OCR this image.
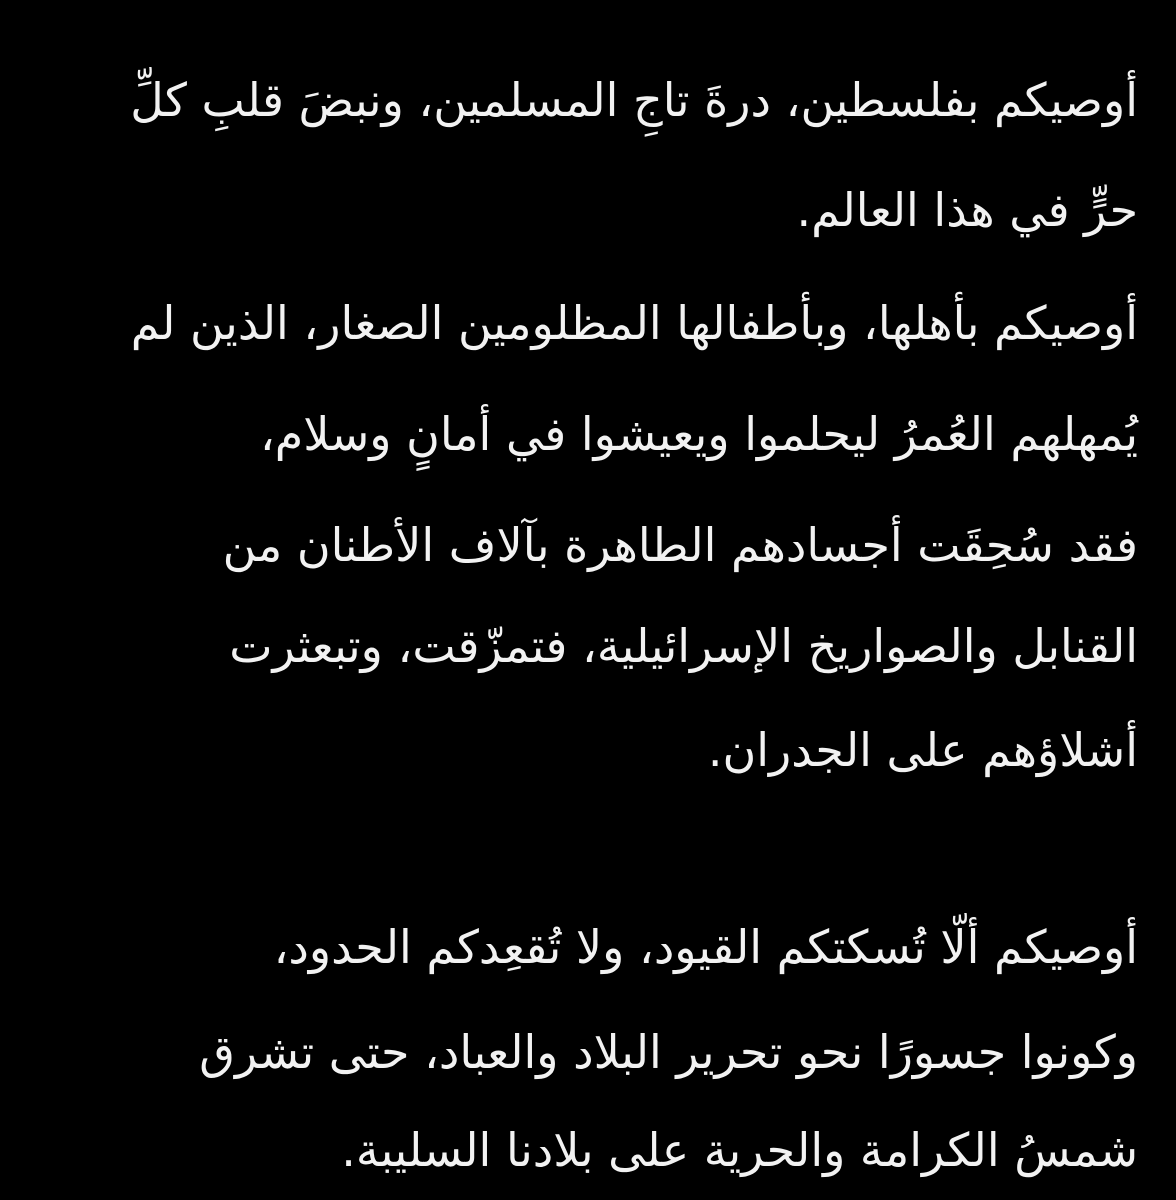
أوصيكم بفلسطين، درةَ تاجِ المسلمين، ونبضَ قلبِ كلِّ
حرٍّ في هذا العالم.
أوصيكم بأهلها، وبأطفالها المظلومين الصغار، الذين لم
يُمهلهم العُمرُ ليحلموا ويعيشوا في أمانٍ وسلام،
فقد سُحِقَت أجسادهم الطاهرة بآلاف الأطنان من
القنابل والصواريخ الإسرائيلية، فتمزّقت، وتبعثرت
أشلاؤهم على الجدران.
أوصيكم ألّا تُسكتكم القيود، ولا تُقعِدكم الحدود،
وكونوا جسورًا نحو تحرير البلاد والعباد، حتى تشرق
شمسُ الكرامة والحرية على بلادنا السليبة.
